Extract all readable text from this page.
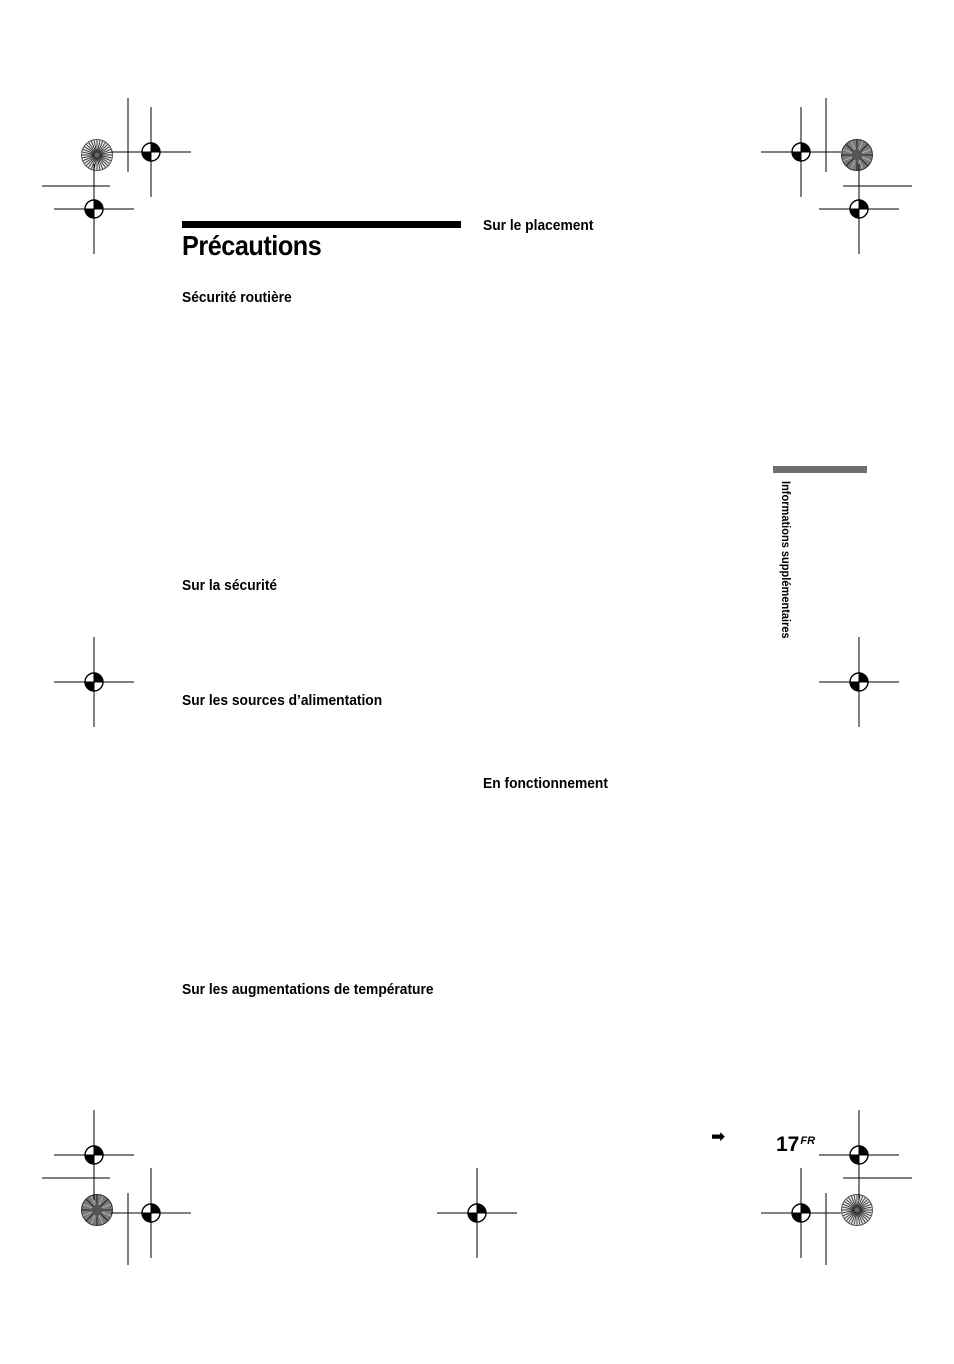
Précautions
Sécurité routière
Sur la sécurité
Sur les sources d’alimentation
Sur les augmentations de température
Sur le placement
En fonctionnement
Informations supplémentaires
➡ $17^{FR}$
